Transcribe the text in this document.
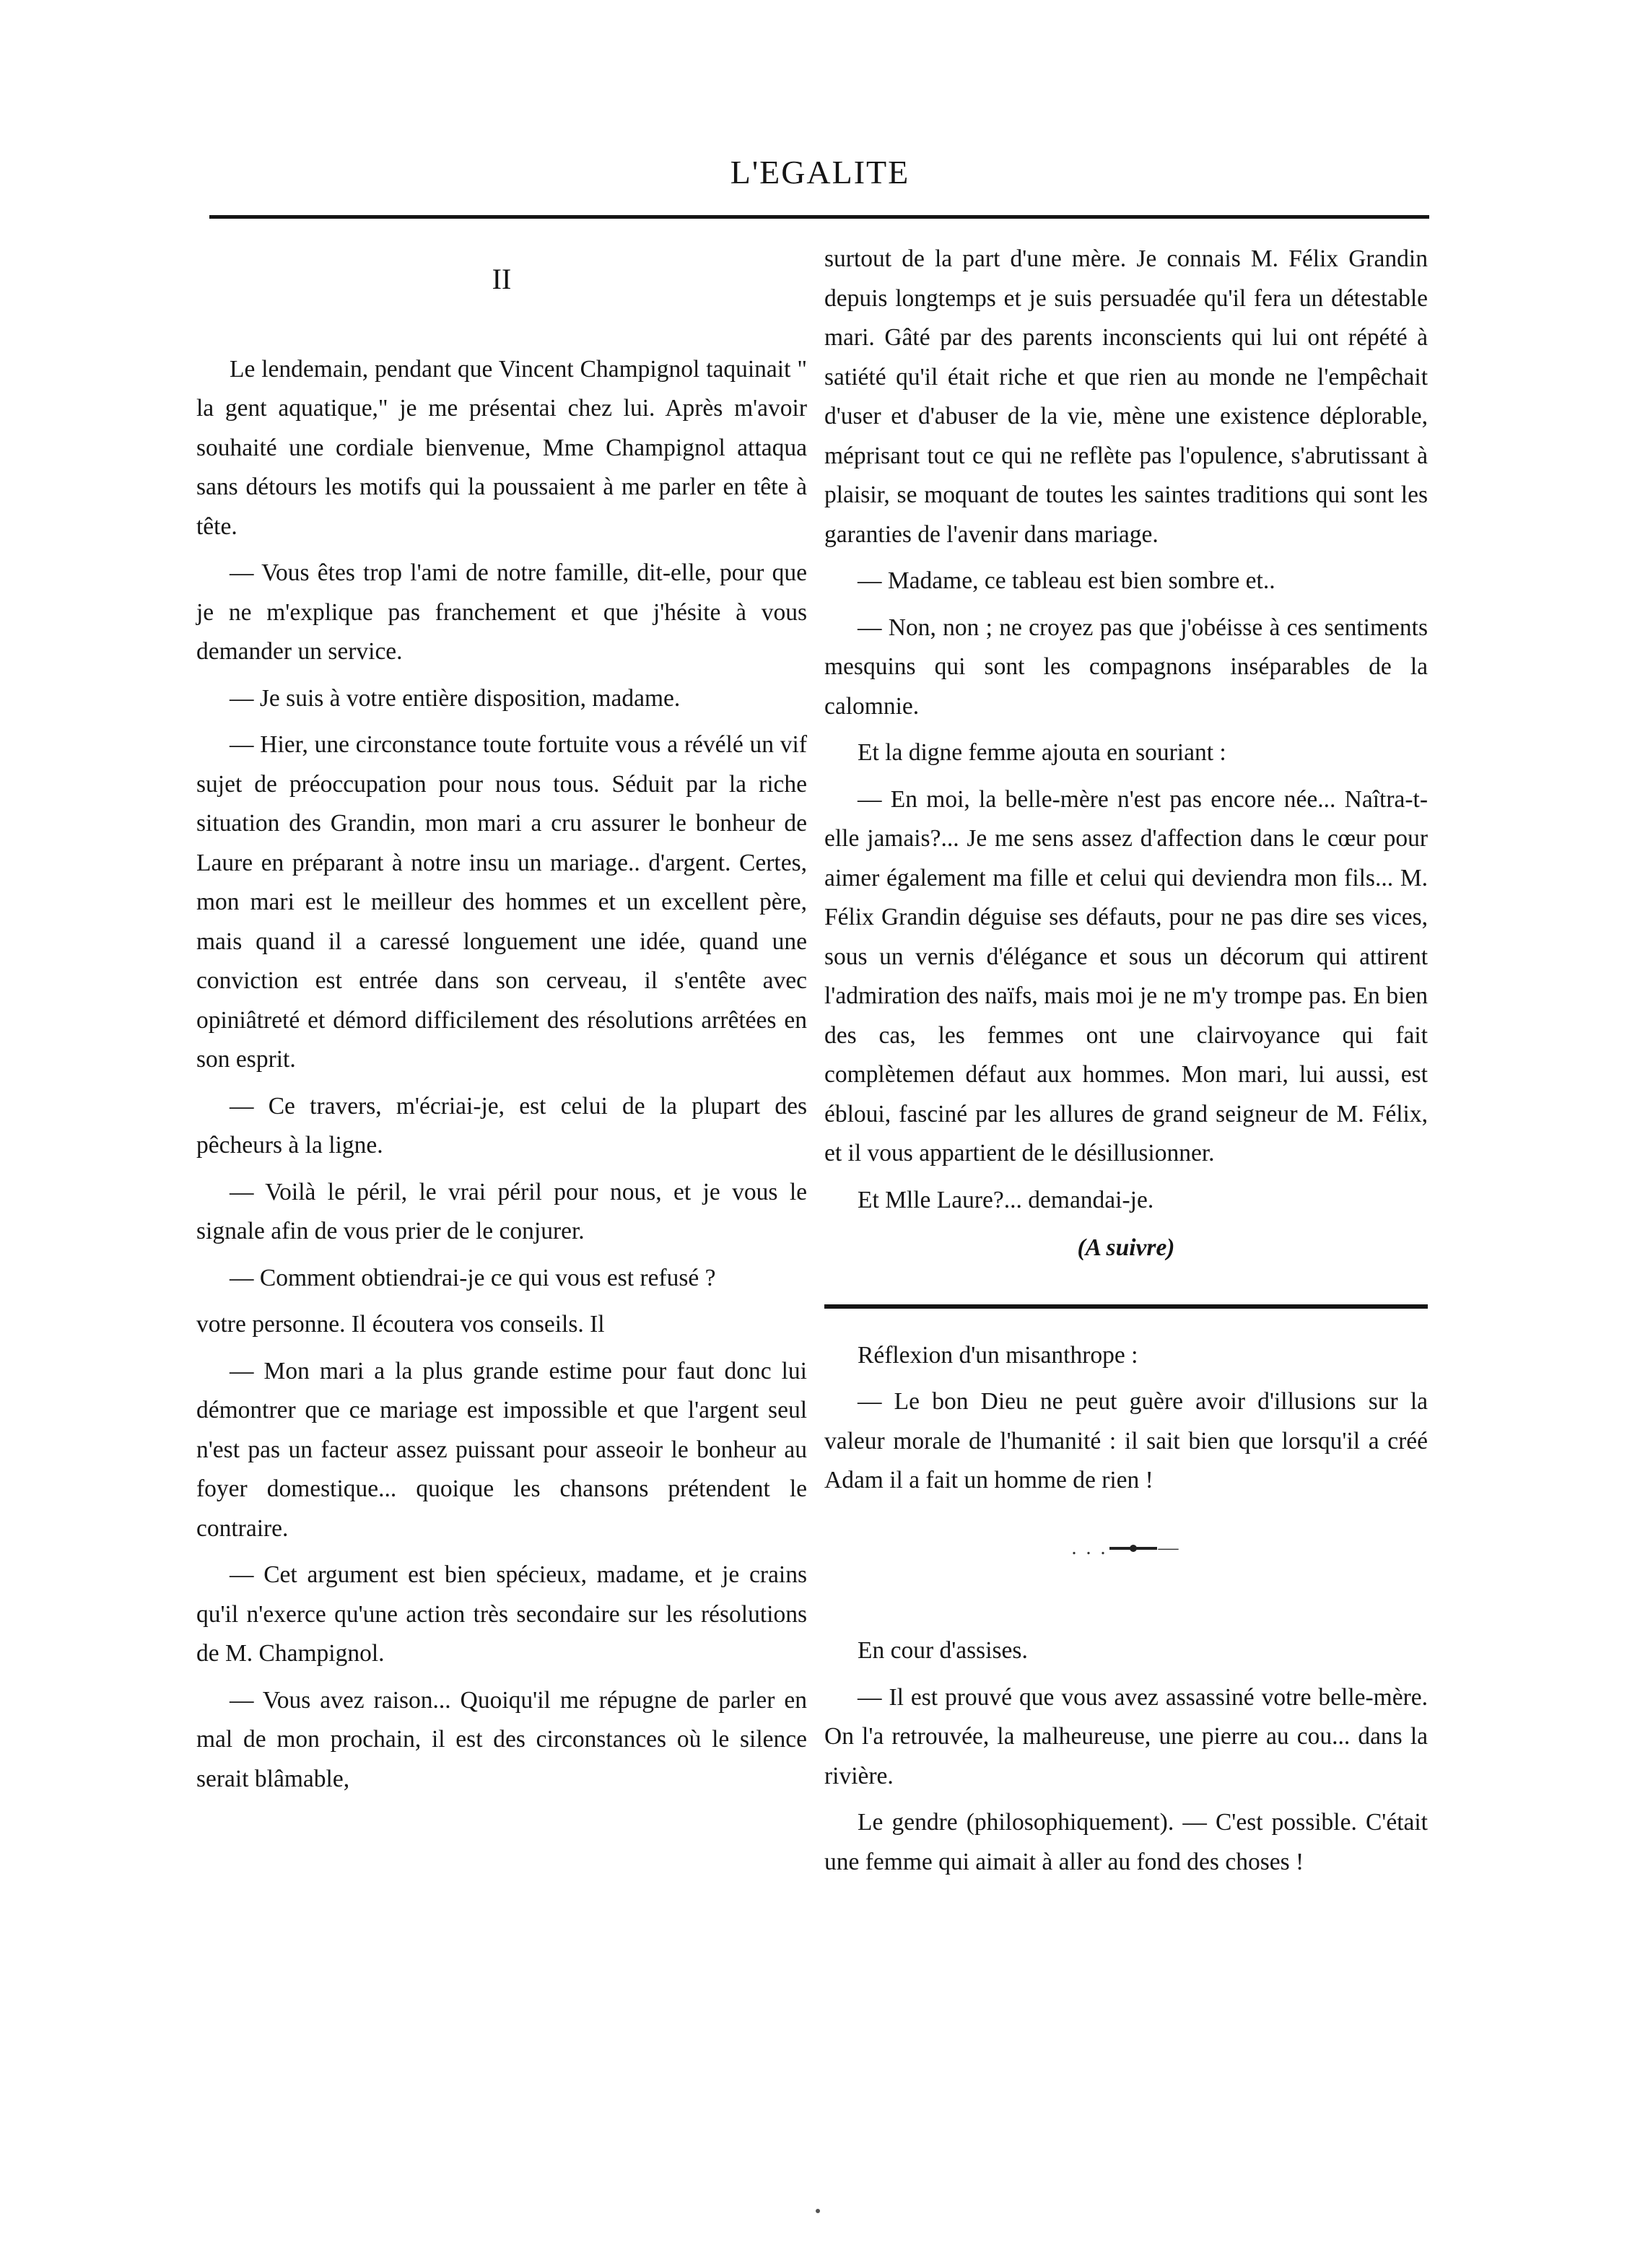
L'EGALITE
II

Le lendemain, pendant que Vincent Champignol taquinait " la gent aquatique," je me présentai chez lui. Après m'avoir souhaité une cordiale bienvenue, Mme Champignol attaqua sans détours les motifs qui la poussaient à me parler en tête à tête.

— Vous êtes trop l'ami de notre famille, dit-elle, pour que je ne m'explique pas franchement et que j'hésite à vous demander un service.

— Je suis à votre entière disposition, madame.

— Hier, une circonstance toute fortuite vous a révélé un vif sujet de préoccupation pour nous tous. Séduit par la riche situation des Grandin, mon mari a cru assurer le bonheur de Laure en préparant à notre insu un mariage.. d'argent. Certes, mon mari est le meilleur des hommes et un excellent père, mais quand il a caressé longuement une idée, quand une conviction est entrée dans son cerveau, il s'entête avec opiniâtreté et démord difficilement des résolutions arrêtées en son esprit.

— Ce travers, m'écriai-je, est celui de la plupart des pêcheurs à la ligne.

— Voilà le péril, le vrai péril pour nous, et je vous le signale afin de vous prier de le conjurer.

— Comment obtiendrai-je ce qui vous est refusé ?

votre personne. Il écoutera vos conseils. Il

— Mon mari a la plus grande estime pour faut donc lui démontrer que ce mariage est impossible et que l'argent seul n'est pas un facteur assez puissant pour asseoir le bonheur au foyer domestique... quoique les chansons prétendent le contraire.

— Cet argument est bien spécieux, madame, et je crains qu'il n'exerce qu'une action très secondaire sur les résolutions de M. Champignol.

— Vous avez raison... Quoiqu'il me répugne de parler en mal de mon prochain, il est des circonstances où le silence serait blâmable,

surtout de la part d'une mère. Je connais M. Félix Grandin depuis longtemps et je suis persuadée qu'il fera un détestable mari. Gâté par des parents inconscients qui lui ont répété à satiété qu'il était riche et que rien au monde ne l'empêchait d'user et d'abuser de la vie, mène une existence déplorable, méprisant tout ce qui ne reflète pas l'opulence, s'abrutissant à plaisir, se moquant de toutes les saintes traditions qui sont les garanties de l'avenir dans mariage.

— Madame, ce tableau est bien sombre et..

— Non, non ; ne croyez pas que j'obéisse à ces sentiments mesquins qui sont les compagnons inséparables de la calomnie.

Et la digne femme ajouta en souriant :

— En moi, la belle-mère n'est pas encore née... Naîtra-t-elle jamais?... Je me sens assez d'affection dans le cœur pour aimer également ma fille et celui qui deviendra mon fils... M. Félix Grandin déguise ses défauts, pour ne pas dire ses vices, sous un vernis d'élégance et sous un décorum qui attirent l'admiration des naïfs, mais moi je ne m'y trompe pas. En bien des cas, les femmes ont une clairvoyance qui fait complètemen défaut aux hommes. Mon mari, lui aussi, est ébloui, fasciné par les allures de grand seigneur de M. Félix, et il vous appartient de le désillusionner.

Et Mlle Laure?... demandai-je.

(A suivre)

Réflexion d'un misanthrope :

— Le bon Dieu ne peut guère avoir d'illusions sur la valeur morale de l'humanité : il sait bien que lorsqu'il a créé Adam il a fait un homme de rien !

. . .	—

En cour d'assises.

— Il est prouvé que vous avez assassiné votre belle-mère. On l'a retrouvée, la malheureuse, une pierre au cou... dans la rivière.

Le gendre (philosophiquement). — C'est possible. C'était une femme qui aimait à aller au fond des choses !
